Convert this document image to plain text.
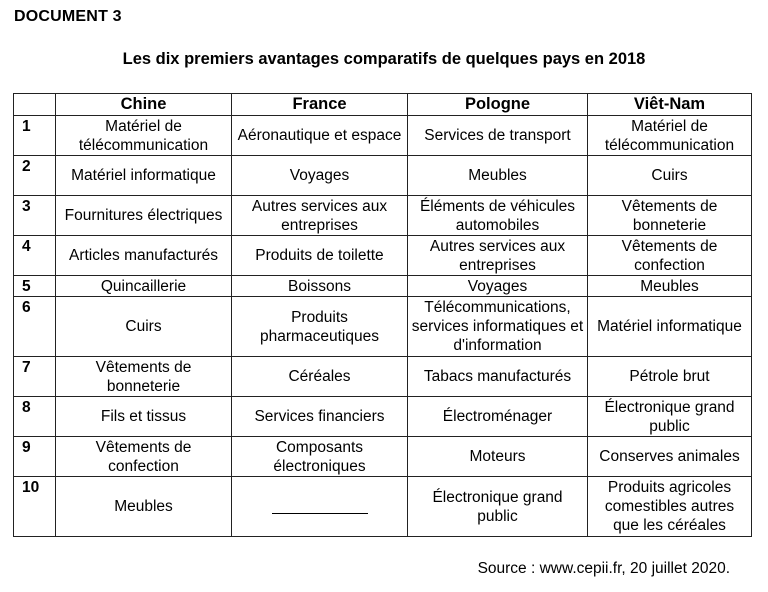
DOCUMENT 3
Les dix premiers avantages comparatifs de quelques pays en 2018
	Chine	France	Pologne	Viêt-Nam
1	Matériel de télécommunication	Aéronautique et espace	Services de transport	Matériel de télécommunication
2	Matériel informatique	Voyages	Meubles	Cuirs
3	Fournitures électriques	Autres services aux entreprises	Éléments de véhicules automobiles	Vêtements de bonneterie
4	Articles manufacturés	Produits de toilette	Autres services aux entreprises	Vêtements de confection
5	Quincaillerie	Boissons	Voyages	Meubles
6	Cuirs	Produits pharmaceutiques	Télécommunications, services informatiques et d'information	Matériel informatique
7	Vêtements de bonneterie	Céréales	Tabacs manufacturés	Pétrole brut
8	Fils et tissus	Services financiers	Électroménager	Électronique grand public
9	Vêtements de confection	Composants électroniques	Moteurs	Conserves animales
10	Meubles		Électronique grand public	Produits agricoles comestibles autres que les céréales
Source : www.cepii.fr, 20 juillet 2020.
